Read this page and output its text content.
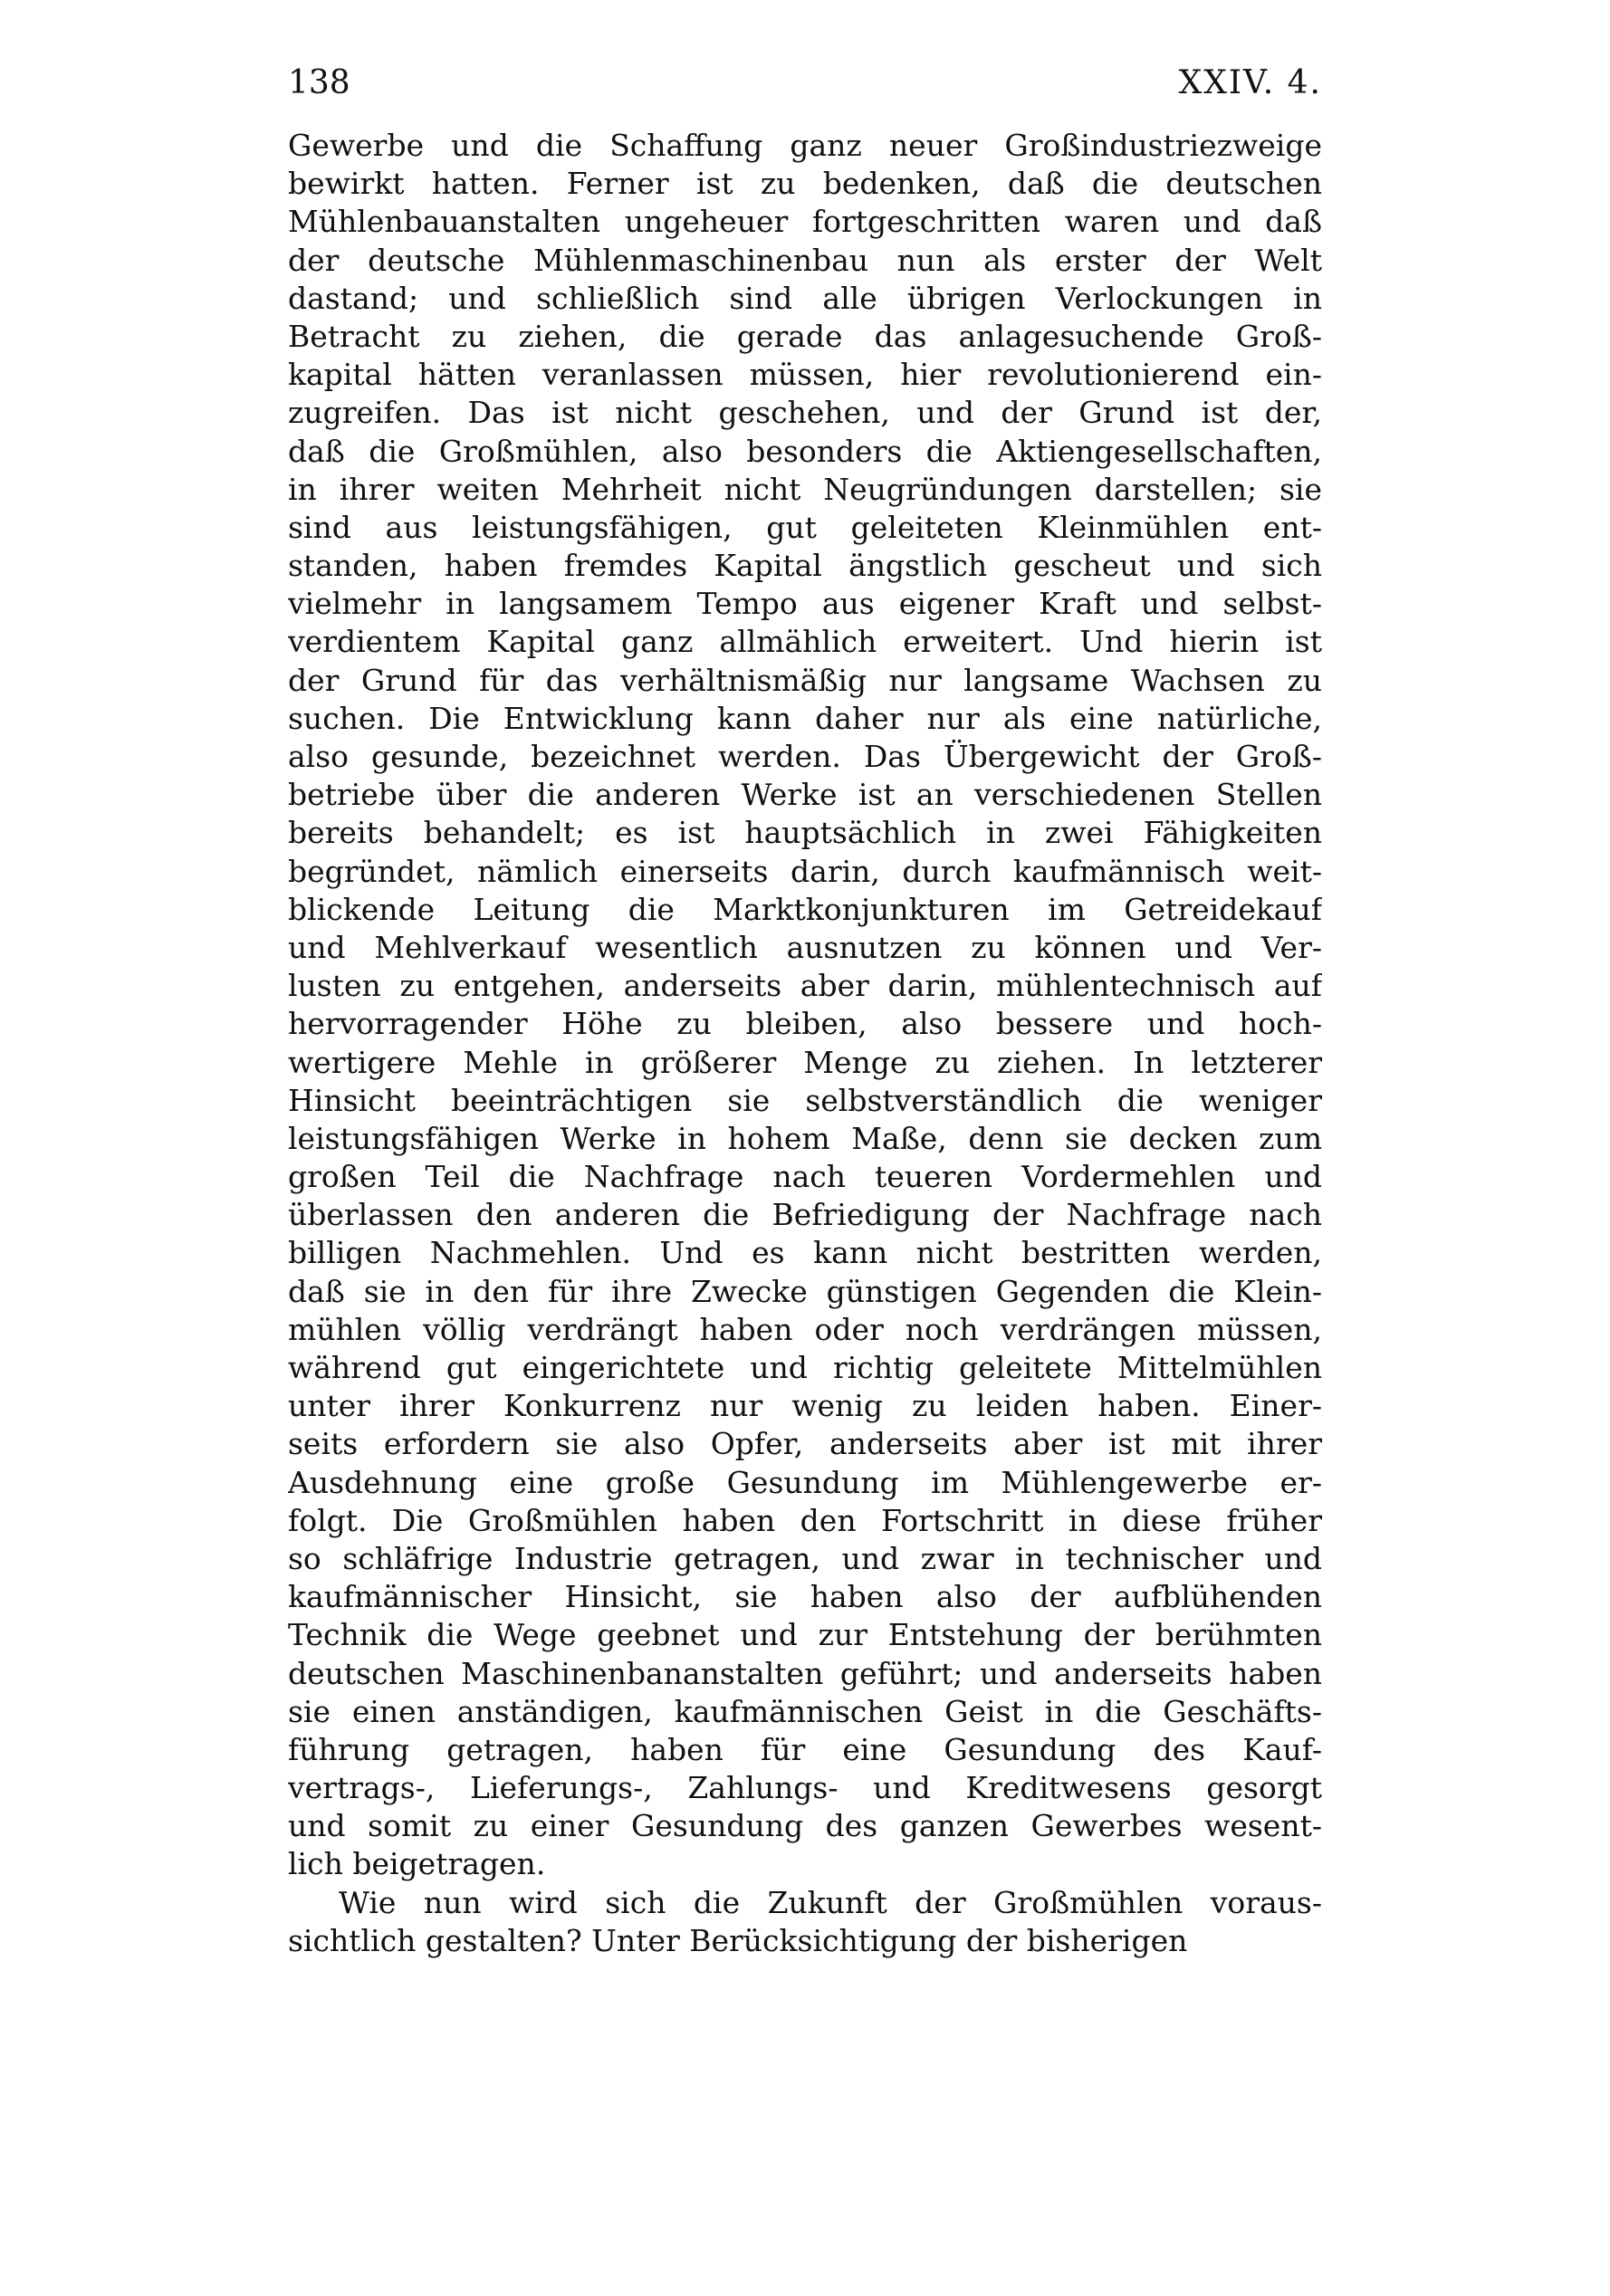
138	XXIV. 4.
Gewerbe und die Schaffung ganz neuer Großindustriezweige
bewirkt hatten. Ferner ist zu bedenken, daß die deutschen
Mühlenbauanstalten ungeheuer fortgeschritten waren und daß
der deutsche Mühlenmaschinenbau nun als erster der Welt
dastand; und schließlich sind alle übrigen Verlockungen in
Betracht zu ziehen, die gerade das anlagesuchende Groß-
kapital hätten veranlassen müssen, hier revolutionierend ein-
zugreifen. Das ist nicht geschehen, und der Grund ist der,
daß die Großmühlen, also besonders die Aktiengesellschaften,
in ihrer weiten Mehrheit nicht Neugründungen darstellen; sie
sind aus leistungsfähigen, gut geleiteten Kleinmühlen ent-
standen, haben fremdes Kapital ängstlich gescheut und sich
vielmehr in langsamem Tempo aus eigener Kraft und selbst-
verdientem Kapital ganz allmählich erweitert. Und hierin ist
der Grund für das verhältnismäßig nur langsame Wachsen zu
suchen. Die Entwicklung kann daher nur als eine natürliche,
also gesunde, bezeichnet werden. Das Übergewicht der Groß-
betriebe über die anderen Werke ist an verschiedenen Stellen
bereits behandelt; es ist hauptsächlich in zwei Fähigkeiten
begründet, nämlich einerseits darin, durch kaufmännisch weit-
blickende Leitung die Marktkonjunkturen im Getreidekauf
und Mehlverkauf wesentlich ausnutzen zu können und Ver-
lusten zu entgehen, anderseits aber darin, mühlentechnisch auf
hervorragender Höhe zu bleiben, also bessere und hoch-
wertigere Mehle in größerer Menge zu ziehen. In letzterer
Hinsicht beeinträchtigen sie selbstverständlich die weniger
leistungsfähigen Werke in hohem Maße, denn sie decken zum
großen Teil die Nachfrage nach teueren Vordermehlen und
überlassen den anderen die Befriedigung der Nachfrage nach
billigen Nachmehlen. Und es kann nicht bestritten werden,
daß sie in den für ihre Zwecke günstigen Gegenden die Klein-
mühlen völlig verdrängt haben oder noch verdrängen müssen,
während gut eingerichtete und richtig geleitete Mittelmühlen
unter ihrer Konkurrenz nur wenig zu leiden haben. Einer-
seits erfordern sie also Opfer, anderseits aber ist mit ihrer
Ausdehnung eine große Gesundung im Mühlengewerbe er-
folgt. Die Großmühlen haben den Fortschritt in diese früher
so schläfrige Industrie getragen, und zwar in technischer und
kaufmännischer Hinsicht, sie haben also der aufblühenden
Technik die Wege geebnet und zur Entstehung der berühmten
deutschen Maschinenbananstalten geführt; und anderseits haben
sie einen anständigen, kaufmännischen Geist in die Geschäfts-
führung getragen, haben für eine Gesundung des Kauf-
vertrags-, Lieferungs-, Zahlungs- und Kreditwesens gesorgt
und somit zu einer Gesundung des ganzen Gewerbes wesent-
lich beigetragen.
Wie nun wird sich die Zukunft der Großmühlen voraus-
sichtlich gestalten? Unter Berücksichtigung der bisherigen
